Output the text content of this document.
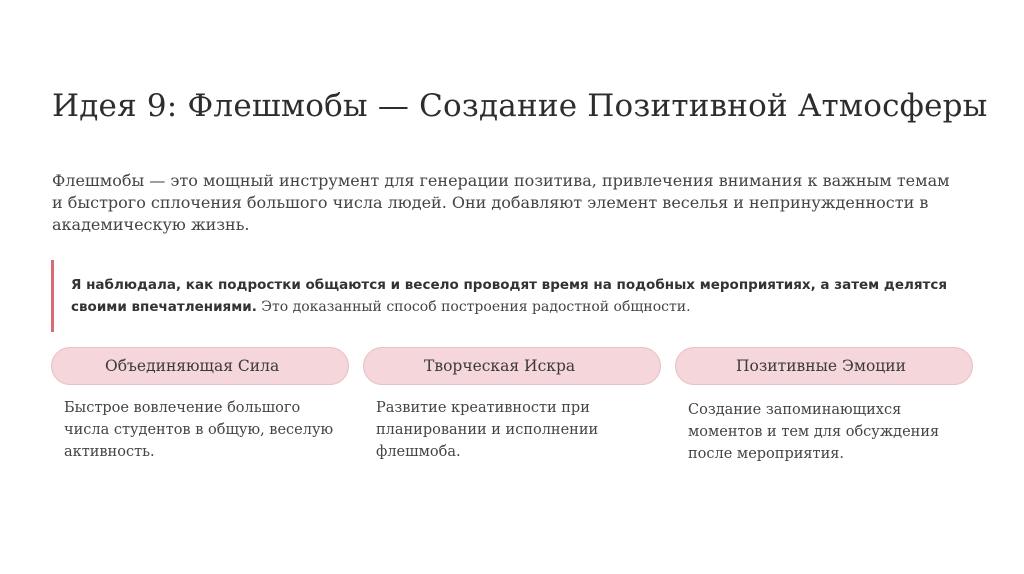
Идея 9: Флешмобы — Создание Позитивной Атмосферы

Флешмобы — это мощный инструмент для генерации позитива, привлечения внимания к важным темам и быстрого сплочения большого числа людей. Они добавляют элемент веселья и непринужденности в академическую жизнь.

Я наблюдала, как подростки общаются и весело проводят время на подобных мероприятиях, а затем делятся своими впечатлениями. Это доказанный способ построения радостной общности.

Объединяющая Сила

Быстрое вовлечение большого числа студентов в общую, веселую активность.

Творческая Искра

Развитие креативности при планировании и исполнении флешмоба.

Позитивные Эмоции

Создание запоминающихся моментов и тем для обсуждения после мероприятия.
